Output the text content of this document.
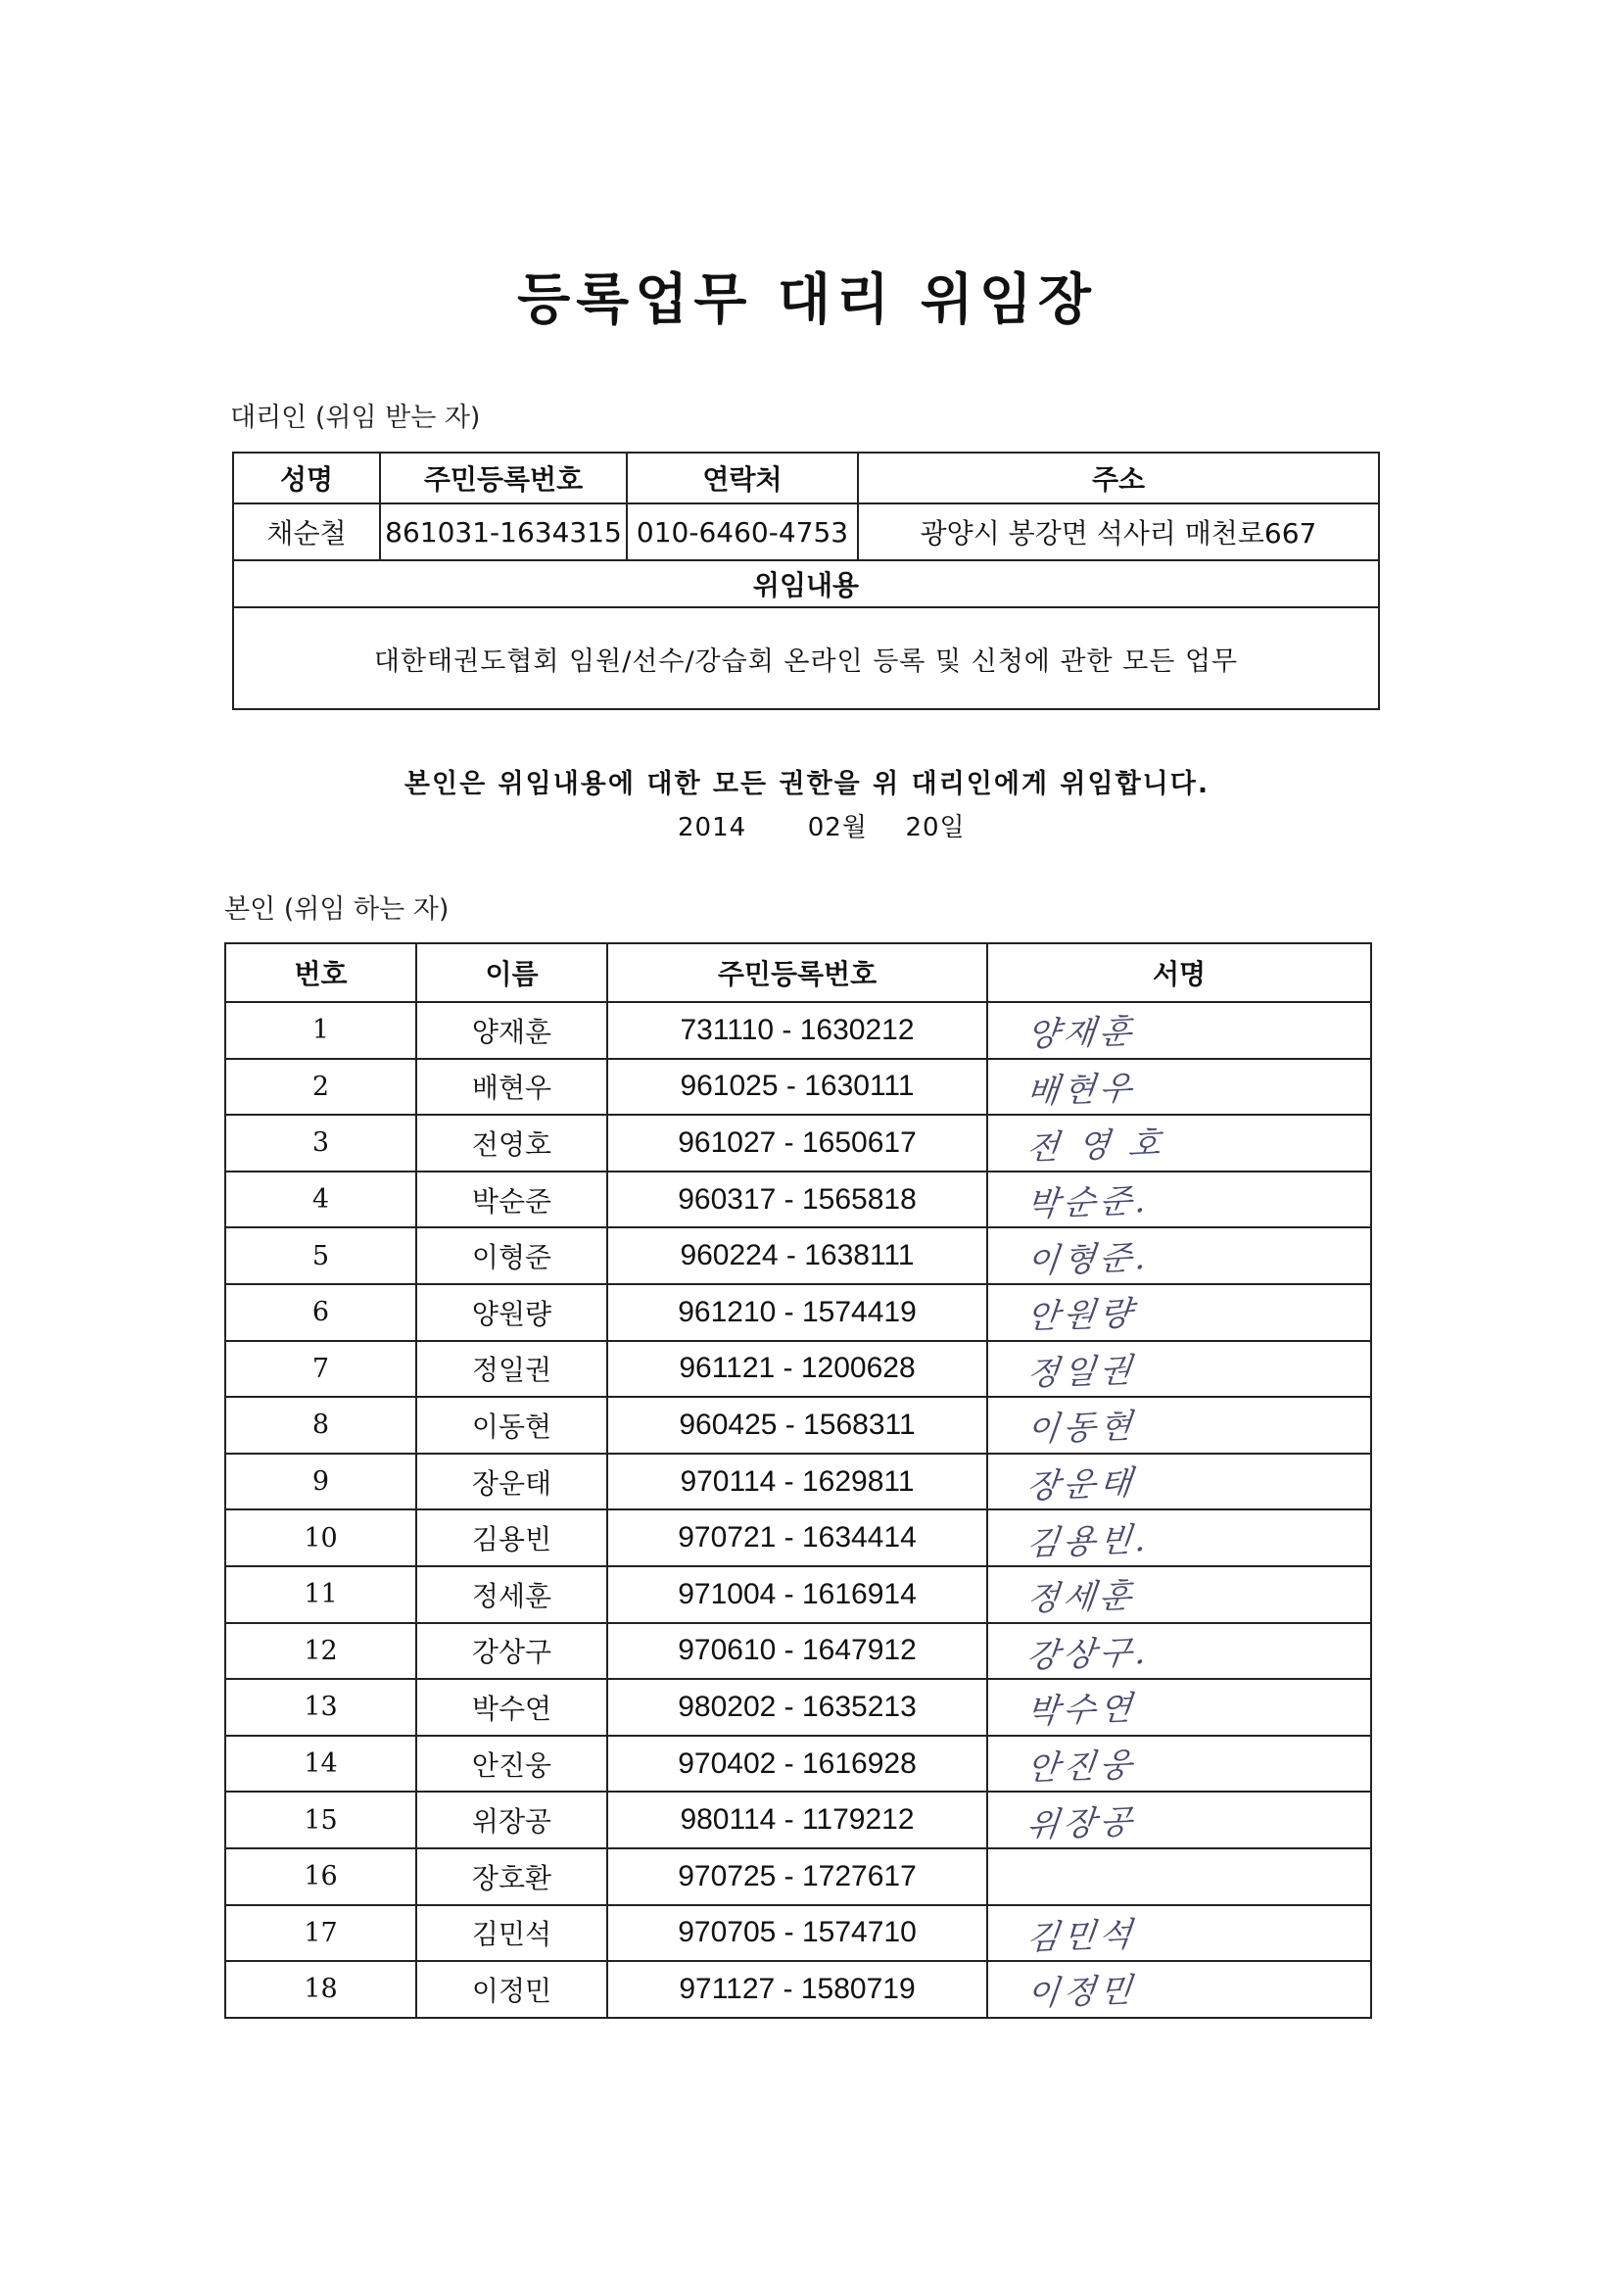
등록업무 대리 위임장
대리인 (위임 받는 자)
성명	주민등록번호	연락처	주소
채순철	861031-1634315	010-6460-4753	광양시 봉강면 석사리 매천로667
위임내용			
대한태권도협회 임원/선수/강습회 온라인 등록 및 신청에 관한 모든 업무			
본인은 위임내용에 대한 모든 권한을 위 대리인에게 위임합니다.
2014 02월 20일
본인 (위임 하는 자)
번호	이름	주민등록번호	서명
1	양재훈	731110 - 1630212	양재훈
2	배현우	961025 - 1630111	배현우
3	전영호	961027 - 1650617	전 영 호
4	박순준	960317 - 1565818	박순준.
5	이형준	960224 - 1638111	이형준.
6	양원량	961210 - 1574419	안원량
7	정일권	961121 - 1200628	정일권
8	이동현	960425 - 1568311	이동현
9	장운태	970114 - 1629811	장운태
10	김용빈	970721 - 1634414	김용빈.
11	정세훈	971004 - 1616914	정세훈
12	강상구	970610 - 1647912	강상구.
13	박수연	980202 - 1635213	박수연
14	안진웅	970402 - 1616928	안진웅
15	위장공	980114 - 1179212	위장공
16	장호환	970725 - 1727617	
17	김민석	970705 - 1574710	김민석
18	이정민	971127 - 1580719	이정민
